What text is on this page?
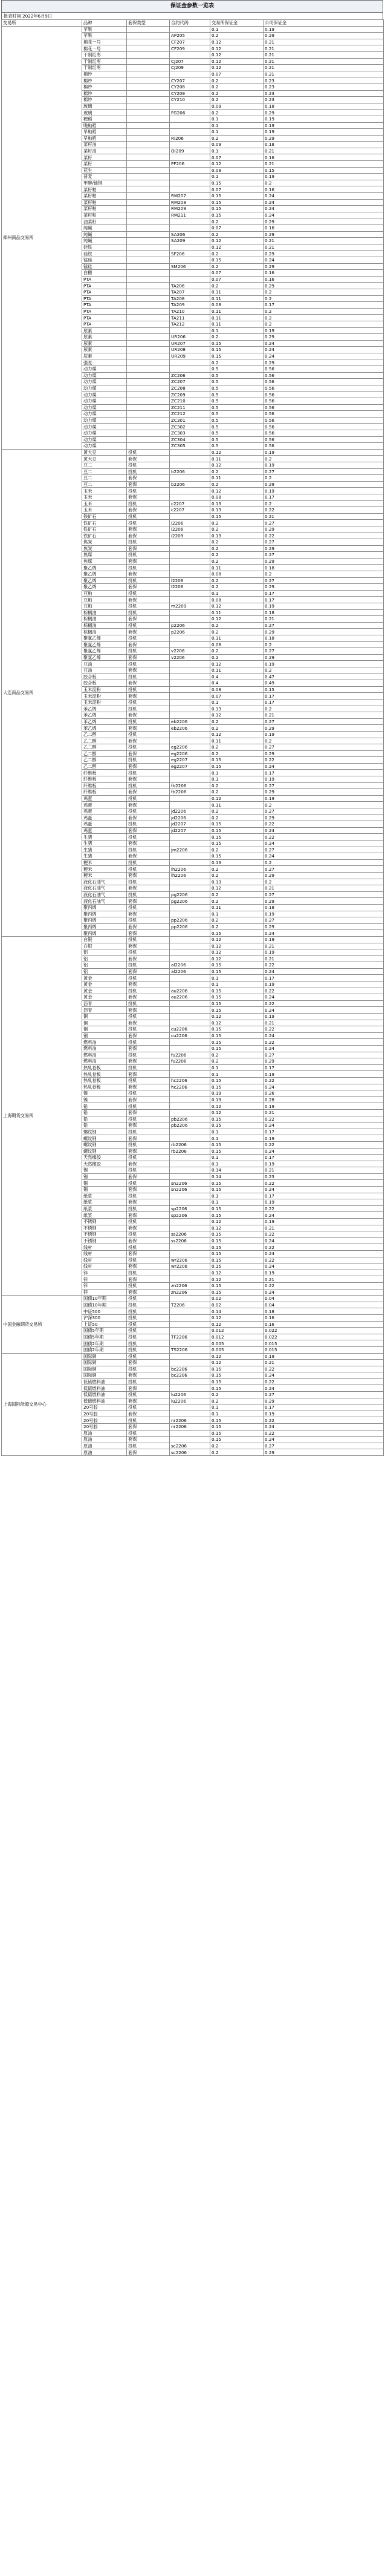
保证金参数一览表
报表时间 2022年6月9日
交易所	品种	套保类型	合约代码	交易所保证金	公司保证金
郑州商品交易所	苹果			0.1	0.19
	苹果		AP205	0.2	0.29
	棉花一号		CF207	0.12	0.21
	棉花一号		CF209	0.12	0.21
	干制红枣			0.12	0.21
	干制红枣		CJ207	0.12	0.21
	干制红枣		CJ209	0.12	0.21
	棉纱			0.07	0.21
	棉纱		CY207	0.2	0.23
	棉纱		CY208	0.2	0.23
	棉纱		CY209	0.2	0.23
	棉纱		CY210	0.2	0.23
	玻璃			0.09	0.18
	玻璃		FG206	0.2	0.29
	粳稻			0.1	0.19
	晚籼稻			0.1	0.19
	早籼稻			0.1	0.19
	早籼稻		RI206	0.2	0.29
	菜籽油			0.09	0.18
	菜籽油		OI209	0.1	0.21
	菜籽			0.07	0.16
	菜籽		PF206	0.12	0.21
	花生			0.08	0.15
	普麦			0.1	0.19
	甲醇/铀钢			0.15	0.2
	菜籽粕			0.07	0.16
	菜籽粕		RM207	0.15	0.24
	菜籽粕		RM208	0.15	0.24
	菜籽粕		RM209	0.15	0.24
	菜籽粕		RM211	0.15	0.24
	油菜籽			0.2	0.29
	纯碱			0.07	0.16
	纯碱		SA206	0.2	0.29
	纯碱		SA209	0.12	0.21
	硅铁			0.12	0.21
	硅铁		SF206	0.2	0.29
	锰硅			0.15	0.24
	锰硅		SM206	0.2	0.29
	白糖			0.07	0.16
	PTA			0.07	0.16
	PTA		TA206	0.2	0.29
	PTA		TA207	0.11	0.2
	PTA		TA208	0.11	0.2
	PTA		TA209	0.08	0.17
	PTA		TA210	0.11	0.2
	PTA		TA211	0.11	0.2
	PTA		TA212	0.11	0.2
	尿素			0.1	0.19
	尿素		UR206	0.2	0.29
	尿素		UR207	0.15	0.24
	尿素		UR208	0.15	0.24
	尿素		UR209	0.15	0.24
	强麦			0.2	0.29
	动力煤			0.5	0.56
	动力煤		ZC206	0.5	0.56
	动力煤		ZC207	0.5	0.56
	动力煤		ZC208	0.5	0.56
	动力煤		ZC209	0.5	0.56
	动力煤		ZC210	0.5	0.56
	动力煤		ZC211	0.5	0.56
	动力煤		ZC212	0.5	0.56
	动力煤		ZC301	0.5	0.56
	动力煤		ZC302	0.5	0.56
	动力煤		ZC303	0.5	0.56
	动力煤		ZC304	0.5	0.56
	动力煤		ZC305	0.5	0.56
大连商品交易所	黄大豆	投机		0.12	0.19
	黄大豆	套保		0.11	0.2
	豆二	投机		0.12	0.19
	豆二	投机	b2206	0.2	0.27
	豆二	套保		0.11	0.2
	豆二	套保	b2206	0.2	0.29
	玉米	投机		0.12	0.19
	玉米	套保		0.08	0.17
	玉米	投机	c2207	0.13	0.2
	玉米	套保	c2207	0.13	0.22
	铁矿石	投机		0.15	0.21
	铁矿石	投机	i2206	0.2	0.27
	铁矿石	套保	i2206	0.2	0.29
	铁矿石	套保	i2209	0.13	0.22
	焦炭	投机		0.2	0.27
	焦炭	套保		0.2	0.29
	焦煤	投机		0.2	0.27
	焦煤	套保		0.2	0.29
	聚乙烯	投机		0.11	0.18
	聚乙烯	套保		0.08	0.2
	聚乙烯	投机	l2206	0.2	0.27
	聚乙烯	套保	l2206	0.2	0.29
	豆粕	投机		0.1	0.17
	豆粕	套保		0.08	0.17
	豆粕	投机	m2209	0.12	0.19
	棕榈油	投机		0.11	0.18
	棕榈油	套保		0.12	0.21
	棕榈油	投机	p2206	0.2	0.27
	棕榈油	套保	p2206	0.2	0.29
	聚氯乙烯	投机		0.11	0.18
	聚氯乙烯	套保		0.08	0.2
	聚氯乙烯	投机	v2206	0.2	0.27
	聚氯乙烯	套保	v2206	0.2	0.29
	豆油	投机		0.12	0.19
	豆油	套保		0.11	0.2
	胶合板	投机		0.4	0.47
	胶合板	套保		0.4	0.49
	玉米淀粉	投机		0.08	0.15
	玉米淀粉	套保		0.07	0.17
	玉米淀粉	投机		0.1	0.17
	苯乙烯	投机		0.13	0.2
	苯乙烯	套保		0.12	0.21
	苯乙烯	投机	eb2206	0.2	0.27
	苯乙烯	套保	eb2206	0.2	0.29
	乙二醇	投机		0.12	0.19
	乙二醇	套保		0.11	0.2
	乙二醇	投机	eg2206	0.2	0.27
	乙二醇	套保	eg2206	0.2	0.29
	乙二醇	投机	eg2207	0.15	0.22
	乙二醇	套保	eg2207	0.15	0.24
	纤维板	投机		0.1	0.17
	纤维板	套保		0.1	0.19
	纤维板	投机	fb2206	0.2	0.27
	纤维板	套保	fb2206	0.2	0.29
	鸡蛋	投机		0.12	0.19
	鸡蛋	套保		0.11	0.2
	鸡蛋	投机	jd2206	0.2	0.27
	鸡蛋	套保	jd2206	0.2	0.29
	鸡蛋	投机	jd2207	0.15	0.22
	鸡蛋	套保	jd2207	0.15	0.24
	生猪	投机		0.15	0.22
	生猪	套保		0.15	0.24
	生猪	投机	jm2206	0.2	0.27
	生猪	套保		0.15	0.24
	粳米	投机		0.13	0.2
	粳米	投机	lh2206	0.2	0.27
	粳米	套保	lh2206	0.2	0.29
	液化石油气	投机		0.13	0.2
	液化石油气	套保		0.12	0.21
	液化石油气	投机	pg2206	0.2	0.27
	液化石油气	套保	pg2206	0.2	0.29
	聚丙烯	投机		0.11	0.18
	聚丙烯	套保		0.1	0.19
	聚丙烯	投机	pp2206	0.2	0.27
	聚丙烯	套保	pp2206	0.2	0.29
	聚丙烯	套保		0.15	0.24
上海期货交易所	白银	投机		0.12	0.19
	白银	套保		0.12	0.21
	铝	投机		0.12	0.19
	铝	套保		0.12	0.21
	铝	投机	al2206	0.15	0.22
	铝	套保	al2206	0.15	0.24
	黄金	投机		0.1	0.17
	黄金	套保		0.1	0.19
	黄金	投机	au2206	0.15	0.22
	黄金	套保	au2206	0.15	0.24
	沥青	投机		0.15	0.22
	沥青	套保		0.15	0.24
	铜	投机		0.12	0.19
	铜	套保		0.12	0.21
	铜	投机	cu2206	0.15	0.22
	铜	套保	cu2206	0.15	0.24
	燃料油	投机		0.15	0.22
	燃料油	套保		0.15	0.24
	燃料油	投机	fu2206	0.2	0.27
	燃料油	套保	fu2206	0.2	0.29
	热轧卷板	投机		0.1	0.17
	热轧卷板	套保		0.1	0.19
	热轧卷板	投机	hc2206	0.15	0.22
	热轧卷板	套保	hc2206	0.15	0.24
	镍	投机		0.19	0.26
	镍	套保		0.19	0.28
	铅	投机		0.12	0.19
	铅	套保		0.12	0.21
	铅	投机	pb2206	0.15	0.22
	铅	套保	pb2206	0.15	0.24
	螺纹钢	投机		0.1	0.17
	螺纹钢	套保		0.1	0.19
	螺纹钢	投机	rb2206	0.15	0.22
	螺纹钢	套保	rb2206	0.15	0.24
	天然橡胶	投机		0.1	0.17
	天然橡胶	套保		0.1	0.19
	锡	投机		0.14	0.21
	锡	套保		0.14	0.23
	锡	投机	sn2206	0.15	0.22
	锡	套保	sn2206	0.15	0.24
	纸浆	投机		0.1	0.17
	纸浆	套保		0.1	0.19
	纸浆	投机	sp2206	0.15	0.22
	纸浆	套保	sp2206	0.15	0.24
	不锈钢	投机		0.12	0.19
	不锈钢	套保		0.12	0.21
	不锈钢	投机	ss2206	0.15	0.22
	不锈钢	套保	ss2206	0.15	0.24
	线材	投机		0.15	0.22
	线材	套保		0.15	0.24
	线材	投机	wr2206	0.15	0.22
	线材	套保	wr2206	0.15	0.24
	锌	投机		0.12	0.19
	锌	套保		0.12	0.21
	锌	投机	zn2206	0.15	0.22
	锌	套保	zn2206	0.15	0.24
中国金融期货交易所	国债10年期	投机		0.02	0.04
	国债10年期	投机	T2206	0.02	0.04
	中证500	投机		0.14	0.18
	沪深300	投机		0.12	0.16
	上证50	投机		0.12	0.16
	国债5年期	投机		0.012	0.022
	国债5年期	投机	TF2206	0.012	0.022
	国债2年期	投机		0.005	0.015
	国债2年期	投机	TS2206	0.005	0.015
上海国际能源交易中心	国际铜	投机		0.12	0.19
	国际铜	套保		0.12	0.21
	国际铜	投机	bc2206	0.15	0.22
	国际铜	套保	bc2206	0.15	0.24
	低硫燃料油	投机		0.15	0.22
	低硫燃料油	套保		0.15	0.24
	低硫燃料油	投机	lu2206	0.2	0.27
	低硫燃料油	套保	lu2206	0.2	0.29
	20号胶	投机		0.1	0.17
	20号胶	套保		0.1	0.19
	20号胶	投机	nr2206	0.15	0.22
	20号胶	套保	nr2206	0.15	0.24
	原油	投机		0.15	0.22
	原油	套保		0.15	0.24
	原油	投机	sc2206	0.2	0.27
	原油	套保	sc2206	0.2	0.29
